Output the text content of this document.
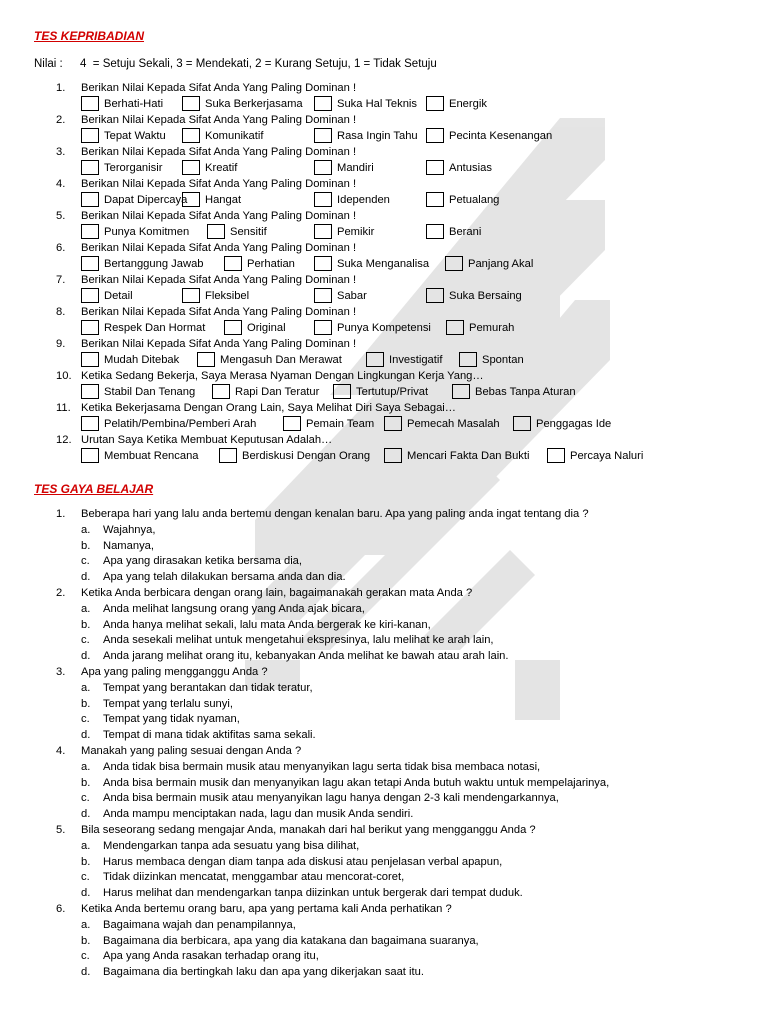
TES KEPRIBADIAN
Nilai : 4  = Setuju Sekali, 3 = Mendekati, 2 = Kurang Setuju, 1 = Tidak Setuju
1.	Berikan Nilai Kepada Sifat Anda Yang Paling Dominan !
Berhati-Hati	Suka Berkerjasama	Suka Hal Teknis	Energik
2.	Berikan Nilai Kepada Sifat Anda Yang Paling Dominan !
Tepat Waktu	Komunikatif	Rasa Ingin Tahu	Pecinta Kesenangan
3.	Berikan Nilai Kepada Sifat Anda Yang Paling Dominan !
Terorganisir	Kreatif	Mandiri	Antusias
4.	Berikan Nilai Kepada Sifat Anda Yang Paling Dominan !
Dapat Dipercaya	Hangat	Idependen	Petualang
5.	Berikan Nilai Kepada Sifat Anda Yang Paling Dominan !
Punya Komitmen	Sensitif	Pemikir	Berani
6.	Berikan Nilai Kepada Sifat Anda Yang Paling Dominan !
Bertanggung Jawab	Perhatian	Suka Menganalisa	Panjang Akal
7.	Berikan Nilai Kepada Sifat Anda Yang Paling Dominan !
Detail	Fleksibel	Sabar	Suka Bersaing
8.	Berikan Nilai Kepada Sifat Anda Yang Paling Dominan !
Respek Dan Hormat	Original	Punya Kompetensi	Pemurah
9.	Berikan Nilai Kepada Sifat Anda Yang Paling Dominan !
Mudah Ditebak	Mengasuh Dan Merawat	Investigatif	Spontan
10. Ketika Sedang Bekerja, Saya Merasa Nyaman Dengan Lingkungan Kerja Yang…
Stabil Dan Tenang	Rapi Dan Teratur	Tertutup/Privat	Bebas Tanpa Aturan
11. Ketika Bekerjasama Dengan Orang Lain, Saya Melihat Diri Saya Sebagai…
Pelatih/Pembina/Pemberi Arah	Pemain Team	Pemecah Masalah	Penggagas Ide
12. Urutan Saya Ketika Membuat Keputusan Adalah…
Membuat Rencana	Berdiskusi Dengan Orang	Mencari Fakta Dan Bukti	Percaya Naluri
TES GAYA BELAJAR
1.	Beberapa hari yang lalu anda bertemu dengan kenalan baru. Apa yang paling anda ingat tentang dia ?
a. Wajahnya,
b. Namanya,
c. Apa yang dirasakan ketika bersama dia,
d. Apa yang telah dilakukan bersama anda dan dia.
2.	Ketika Anda berbicara dengan orang lain, bagaimanakah gerakan mata Anda ?
a. Anda melihat langsung orang yang Anda ajak bicara,
b. Anda hanya melihat sekali, lalu mata Anda bergerak ke kiri-kanan,
c. Anda sesekali melihat untuk mengetahui ekspresinya, lalu melihat ke arah lain,
d. Anda jarang melihat orang itu, kebanyakan Anda melihat ke bawah atau arah lain.
3.	Apa yang paling mengganggu Anda ?
a. Tempat yang berantakan dan tidak teratur,
b. Tempat yang terlalu sunyi,
c. Tempat yang tidak nyaman,
d. Tempat di mana tidak aktifitas sama sekali.
4.	Manakah yang paling sesuai dengan Anda ?
a. Anda tidak bisa bermain musik atau menyanyikan lagu serta tidak bisa membaca notasi,
b. Anda bisa bermain musik dan menyanyikan lagu akan tetapi Anda butuh waktu untuk mempelajarinya,
c. Anda bisa bermain musik atau menyanyikan lagu hanya dengan 2-3 kali mendengarkannya,
d. Anda mampu menciptakan nada, lagu dan musik Anda sendiri.
5.	Bila seseorang sedang mengajar Anda, manakah dari hal berikut yang mengganggu Anda ?
a. Mendengarkan tanpa ada sesuatu yang bisa dilihat,
b. Harus membaca dengan diam tanpa ada diskusi atau penjelasan verbal apapun,
c. Tidak diizinkan mencatat, menggambar atau mencorat-coret,
d. Harus melihat dan mendengarkan tanpa diizinkan untuk bergerak dari tempat duduk.
6.	Ketika Anda bertemu orang baru, apa yang pertama kali Anda perhatikan ?
a. Bagaimana wajah dan penampilannya,
b. Bagaimana dia berbicara, apa yang dia katakana dan bagaimana suaranya,
c. Apa yang Anda rasakan terhadap orang itu,
d. Bagaimana dia bertingkah laku dan apa yang dikerjakan saat itu.
